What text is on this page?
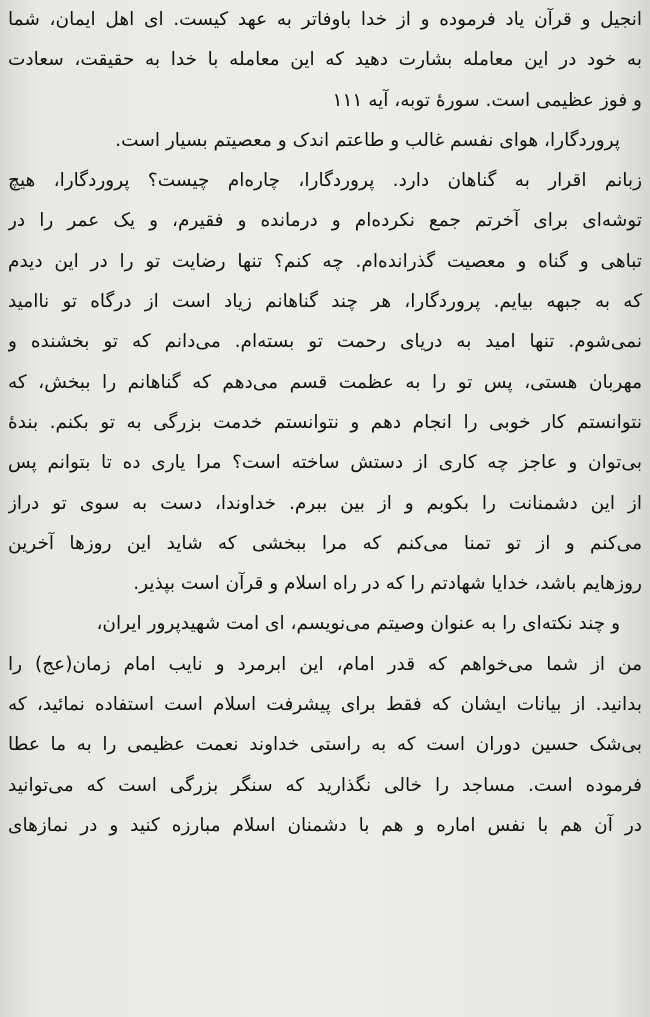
انجیل و قرآن یاد فرموده و از خدا باوفاتر به عهد کیست. ای اهل ایمان، شما
به خود در این معامله بشارت دهید که این معامله با خدا به حقیقت، سعادت
و فوز عظیمی است. سورهٔ توبه، آیه ۱۱۱
پروردگارا، هوای نفسم غالب و طاعتم اندک و معصیتم بسیار است.
زبانم اقرار به گناهان دارد. پروردگارا، چاره‌ام چیست؟ پروردگارا، هیچ
توشه‌ای برای آخرتم جمع نکرده‌ام و درمانده و فقیرم، و یک عمر را در
تباهی و گناه و معصیت گذرانده‌ام. چه کنم؟ تنها رضایت تو را در این دیدم
که به جبهه بیایم. پروردگارا، هر چند گناهانم زیاد است از درگاه تو ناامید
نمی‌شوم. تنها امید به دریای رحمت تو بسته‌ام. می‌دانم که تو بخشنده و
مهربان هستی، پس تو را به عظمت قسم می‌دهم که گناهانم را ببخش، که
نتوانستم کار خوبی را انجام دهم و نتوانستم خدمت بزرگی به تو بکنم. بندهٔ
بی‌توان و عاجز چه کاری از دستش ساخته است؟ مرا یاری ده تا بتوانم پس
از این دشمنانت را بکوبم و از بین ببرم. خداوندا، دست به سوی تو دراز
می‌کنم و از تو تمنا می‌کنم که مرا ببخشی که شاید این روزها آخرین
روزهایم باشد، خدایا شهادتم را که در راه اسلام و قرآن است بپذیر.
و چند نکته‌ای را به عنوان وصیتم می‌نویسم، ای امت شهیدپرور ایران،
من از شما می‌خواهم که قدر امام، این ابرمرد و نایب امام زمان(عج) را
بدانید. از بیانات ایشان که فقط برای پیشرفت اسلام است استفاده نمائید، که
بی‌شک حسین دوران است که به راستی خداوند نعمت عظیمی را به ما عطا
فرموده است. مساجد را خالی نگذارید که سنگر بزرگی است که می‌توانید
در آن هم با نفس اماره و هم با دشمنان اسلام مبارزه کنید و در نمازهای
